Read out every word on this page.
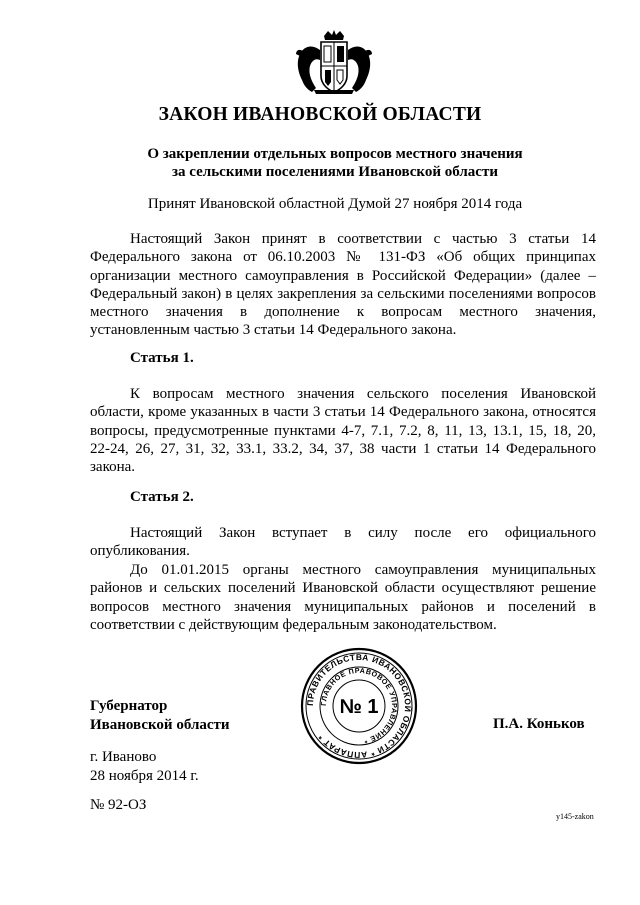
ЗАКОН ИВАНОВСКОЙ ОБЛАСТИ
О закреплении отдельных вопросов местного значения
за сельскими поселениями Ивановской области
Принят Ивановской областной Думой 27 ноября 2014 года

Настоящий Закон принят в соответствии с частью 3 статьи 14 Федерального закона от 06.10.2003 № 131-ФЗ «Об общих принципах организации местного самоуправления в Российской Федерации» (далее – Федеральный закон) в целях закрепления за сельскими поселениями вопросов местного значения в дополнение к вопросам местного значения, установленным частью 3 статьи 14 Федерального закона.

Статья 1.

К вопросам местного значения сельского поселения Ивановской области, кроме указанных в части 3 статьи 14 Федерального закона, относятся вопросы, предусмотренные пунктами 4-7, 7.1, 7.2, 8, 11, 13, 13.1, 15, 18, 20, 22-24, 26, 27, 31, 32, 33.1, 33.2, 34, 37, 38 части 1 статьи 14 Федерального закона.

Статья 2.

Настоящий Закон вступает в силу после его официального опубликования.

До 01.01.2015 органы местного самоуправления муниципальных районов и сельских поселений Ивановской области осуществляют решение вопросов местного значения муниципальных районов и поселений в соответствии с действующим федеральным законодательством.

ПРАВИТЕЛЬСТВА ИВАНОВСКОЙ ОБЛАСТИ * АППАРАТ *
ГЛАВНОЕ ПРАВОВОЕ УПРАВЛЕНИЕ *
№ 1
Губернатор
Ивановской области	П.А. Коньков
г. Иваново
28 ноября 2014 г.
№ 92-ОЗ
у145-zakon
